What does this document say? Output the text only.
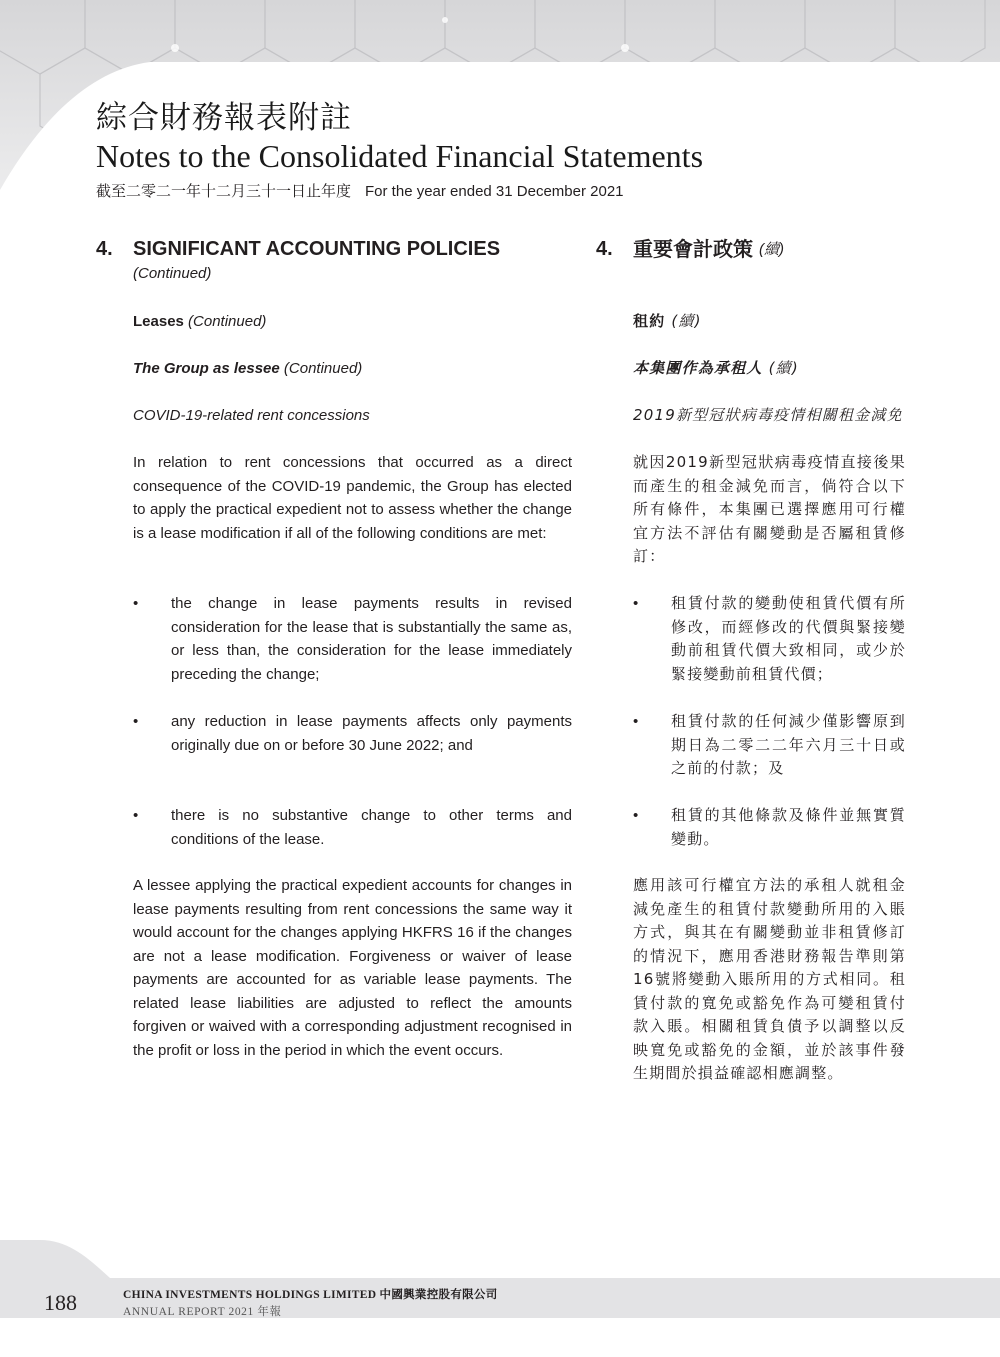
綜合財務報表附註
Notes to the Consolidated Financial Statements
截至二零二一年十二月三十一日止年度 For the year ended 31 December 2021
4.	SIGNIFICANT ACCOUNTING POLICIES
(Continued)
Leases (Continued)
The Group as lessee (Continued)
COVID-19-related rent concessions
In relation to rent concessions that occurred as a direct consequence of the COVID-19 pandemic, the Group has elected to apply the practical expedient not to assess whether the change is a lease modification if all of the following conditions are met:
• the change in lease payments results in revised consideration for the lease that is substantially the same as, or less than, the consideration for the lease immediately preceding the change;
• any reduction in lease payments affects only payments originally due on or before 30 June 2022; and
• there is no substantive change to other terms and conditions of the lease.
A lessee applying the practical expedient accounts for changes in lease payments resulting from rent concessions the same way it would account for the changes applying HKFRS 16 if the changes are not a lease modification. Forgiveness or waiver of lease payments are accounted for as variable lease payments. The related lease liabilities are adjusted to reflect the amounts forgiven or waived with a corresponding adjustment recognised in the profit or loss in the period in which the event occurs.
4.	重要會計政策 (續)
租約 (續)
本集團作為承租人 (續)
2019新型冠狀病毒疫情相關租金減免
就因2019新型冠狀病毒疫情直接後果而產生的租金減免而言，倘符合以下所有條件，本集團已選擇應用可行權宜方法不評估有關變動是否屬租賃修訂：
• 租賃付款的變動使租賃代價有所修改，而經修改的代價與緊接變動前租賃代價大致相同，或少於緊接變動前租賃代價；
• 租賃付款的任何減少僅影響原到期日為二零二二年六月三十日或之前的付款；及
• 租賃的其他條款及條件並無實質變動。
應用該可行權宜方法的承租人就租金減免產生的租賃付款變動所用的入賬方式，與其在有關變動並非租賃修訂的情況下，應用香港財務報告準則第16號將變動入賬所用的方式相同。租賃付款的寬免或豁免作為可變租賃付款入賬。相關租賃負債予以調整以反映寬免或豁免的金額，並於該事件發生期間於損益確認相應調整。
188	CHINA INVESTMENTS HOLDINGS LIMITED 中國興業控股有限公司
ANNUAL REPORT 2021 年報
